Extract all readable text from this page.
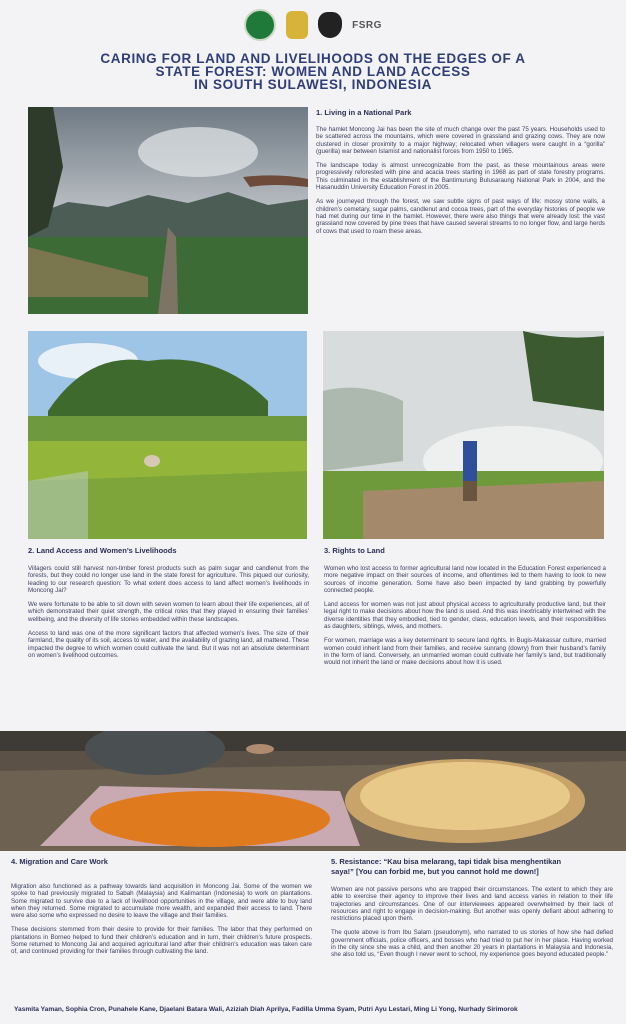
FSRG
CARING FOR LAND AND LIVELIHOODS ON THE EDGES OF A
STATE FOREST: WOMEN AND LAND ACCESS
IN SOUTH SULAWESI, INDONESIA
1. Living in a National Park

The hamlet Moncong Jai has been the site of much change over the past 75 years. Households used to be scattered across the mountains, which were covered in grassland and grazing cows. They are now clustered in closer proximity to a major highway; relocated when villagers were caught in a “gorilla” (guerilla) war between Islamist and nationalist forces from 1950 to 1965.

The landscape today is almost unrecognizable from the past, as these mountainous areas were progressively reforested with pine and acacia trees starting in 1968 as part of state forestry programs. This culminated in the establishment of the Bantimurung Bulusaraung National Park in 2004, and the Hasanuddin University Education Forest in 2005.

As we journeyed through the forest, we saw subtle signs of past ways of life: mossy stone walls, a children’s cemetary, sugar palms, candlenut and cocoa trees, part of the everyday histories of people we had met during our time in the hamlet. However, there were also things that were already lost: the vast grassland now covered by pine trees that have caused several streams to no longer flow, and large herds of cows that used to roam these areas.

2. Land Access and Women’s Livelihoods

Villagers could still harvest non-timber forest products such as palm sugar and candlenut from the forests, but they could no longer use land in the state forest for agriculture. This piqued our curiosity, leading to our research question: To what extent does access to land affect women’s livelihoods in Moncong Jai?

We were fortunate to be able to sit down with seven women to learn about their life experiences, all of which demonstrated their quiet strength, the critical roles that they played in ensuring their families’ wellbeing, and the diversity of life stories embedded within these landscapes.

Access to land was one of the more significant factors that affected women’s lives. The size of their farmland, the quality of its soil, access to water, and the availability of grazing land, all mattered. These impacted the degree to which women could cultivate the land. But it was not an absolute determinant on women’s livelihood outcomes.

3. Rights to Land

Women who lost access to former agricultural land now located in the Education Forest experienced a more negative impact on their sources of income, and oftentimes led to them having to look to new sources of income generation. Some have also been impacted by land grabbing by powerfully connected people.

Land access for women was not just about physical access to agriculturally productive land, but their legal right to make decisions about how the land is used. And this was inextricably intertwined with the diverse identities that they embodied, tied to gender, class, education levels, and their responsibilities as daughters, siblings, wives, and mothers.

For women, marriage was a key determinant to secure land rights. In Bugis-Makassar culture, married women could inherit land from their families, and receive sunrang (dowry) from their husband’s family in the form of land. Conversely, an unmarried woman could cultivate her family’s land, but traditionally would not inherit the land or make decisions about how it is used.

4. Migration and Care Work

Migration also functioned as a pathway towards land acquisition in Moncong Jai. Some of the women we spoke to had previously migrated to Sabah (Malaysia) and Kalimantan (Indonesia) to work on plantations. Some migrated to survive due to a lack of livelihood opportunities in the village, and were able to buy land when they returned. Some migrated to accumulate more wealth, and expanded their access to land. There were also some who expressed no desire to leave the village and their families.

These decisions stemmed from their desire to provide for their families. The labor that they performed on plantations in Borneo helped to fund their children’s education and in turn, their children’s future prospects. Some returned to Moncong Jai and acquired agricultural land after their children’s education was taken care of, and continued providing for their families through cultivating the land.

5. Resistance: “Kau bisa melarang, tapi tidak bisa menghentikan
saya!” [You can forbid me, but you cannot hold me down!]

Women are not passive persons who are trapped their circumstances. The extent to which they are able to exercise their agency to improve their lives and land access varies in relation to their life trajectories and circumstances. One of our interviewees appeared overwhelmed by their lack of resources and right to engage in decision-making. But another was openly defiant about adhering to restrictions placed upon them.

The quote above is from Ibu Salam (pseudonym), who narrated to us stories of how she had defied government officials, police officers, and bosses who had tried to put her in her place. Having worked in the city since she was a child, and then another 20 years in plantations in Malaysia and Indonesia, she also told us, “Even though I never went to school, my experience goes beyond educated people.”

Yasmita Yaman, Sophia Cron, Punahele Kane, Djaelani Batara Wali, Aziziah Diah Aprilya, Fadilla Umma Syam, Putri Ayu Lestari, Ming Li Yong, Nurhady Sirimorok
